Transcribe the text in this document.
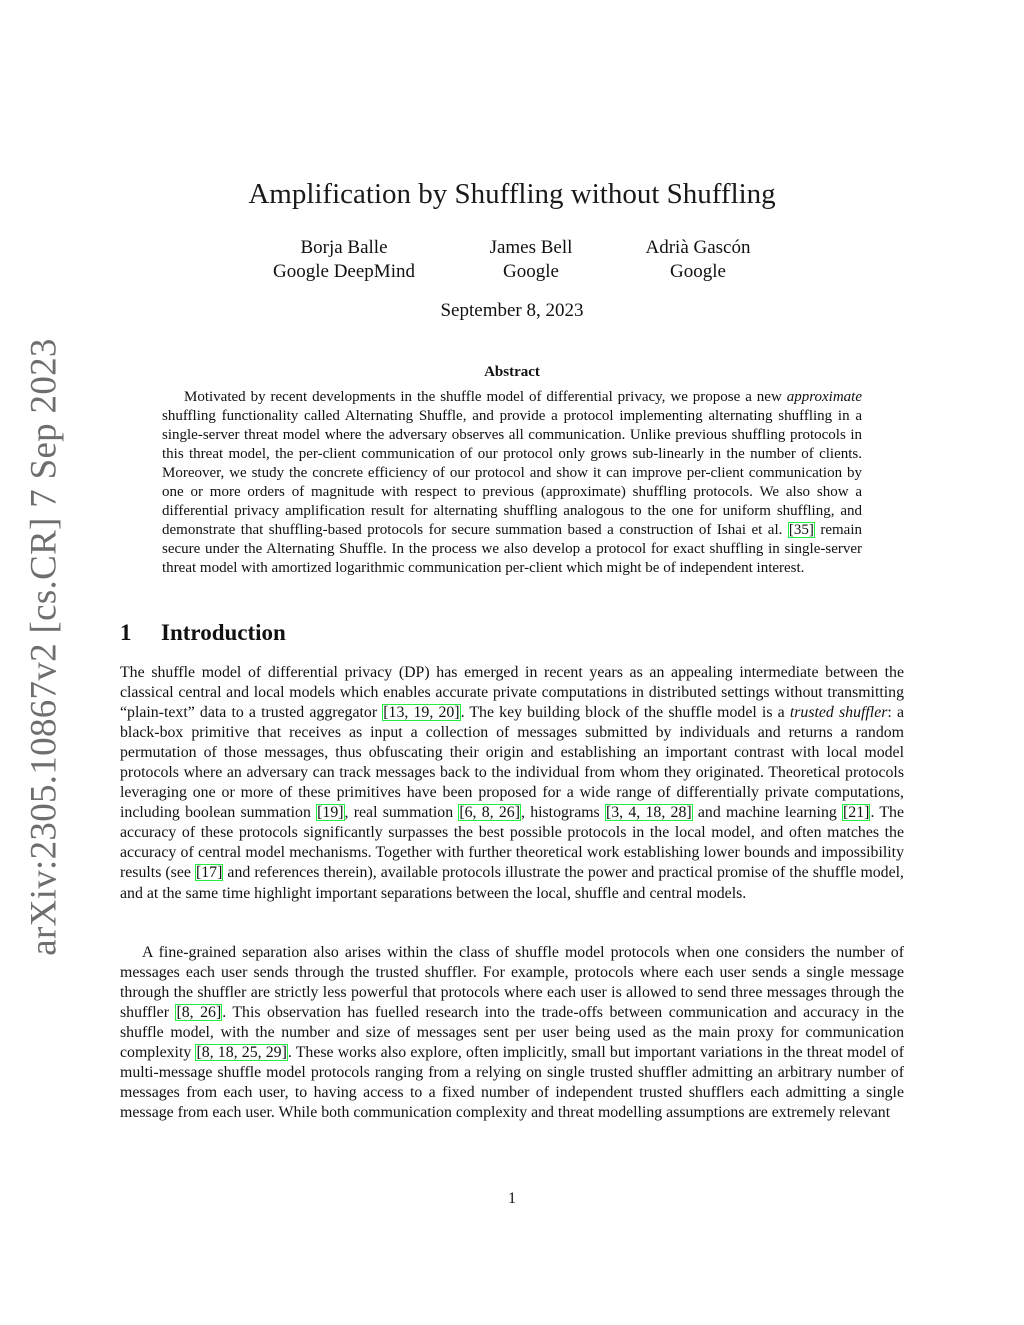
arXiv:2305.10867v2 [cs.CR] 7 Sep 2023
Amplification by Shuffling without Shuffling
Borja Balle
Google DeepMind
James Bell
Google
Adrià Gascón
Google
September 8, 2023
Abstract

Motivated by recent developments in the shuffle model of differential privacy, we propose a new approximate shuffling functionality called Alternating Shuffle, and provide a protocol implementing alternating shuffling in a single-server threat model where the adversary observes all communication. Unlike previous shuffling protocols in this threat model, the per-client communication of our protocol only grows sub-linearly in the number of clients. Moreover, we study the concrete efficiency of our protocol and show it can improve per-client communication by one or more orders of magnitude with respect to previous (approximate) shuffling protocols. We also show a differential privacy amplification result for alternating shuffling analogous to the one for uniform shuffling, and demonstrate that shuffling-based protocols for secure summation based a construction of Ishai et al. [35] remain secure under the Alternating Shuffle. In the process we also develop a protocol for exact shuffling in single-server threat model with amortized logarithmic communication per-client which might be of independent interest.

1 Introduction

The shuffle model of differential privacy (DP) has emerged in recent years as an appealing intermediate between the classical central and local models which enables accurate private computations in distributed settings without transmitting “plain-text” data to a trusted aggregator [13, 19, 20]. The key building block of the shuffle model is a trusted shuffler: a black-box primitive that receives as input a collection of messages submitted by individuals and returns a random permutation of those messages, thus obfuscating their origin and establishing an important contrast with local model protocols where an adversary can track messages back to the individual from whom they originated. Theoretical protocols leveraging one or more of these primitives have been proposed for a wide range of differentially private computations, including boolean summation [19], real summation [6, 8, 26], histograms [3, 4, 18, 28] and machine learning [21]. The accuracy of these protocols significantly surpasses the best possible protocols in the local model, and often matches the accuracy of central model mechanisms. Together with further theoretical work establishing lower bounds and impossibility results (see [17] and references therein), available protocols illustrate the power and practical promise of the shuffle model, and at the same time highlight important separations between the local, shuffle and central models.

A fine-grained separation also arises within the class of shuffle model protocols when one considers the number of messages each user sends through the trusted shuffler. For example, protocols where each user sends a single message through the shuffler are strictly less powerful that protocols where each user is allowed to send three messages through the shuffler [8, 26]. This observation has fuelled research into the trade-offs between communication and accuracy in the shuffle model, with the number and size of messages sent per user being used as the main proxy for communication complexity [8, 18, 25, 29]. These works also explore, often implicitly, small but important variations in the threat model of multi-message shuffle model protocols ranging from a relying on single trusted shuffler admitting an arbitrary number of messages from each user, to having access to a fixed number of independent trusted shufflers each admitting a single message from each user. While both communication complexity and threat modelling assumptions are extremely relevant

1
